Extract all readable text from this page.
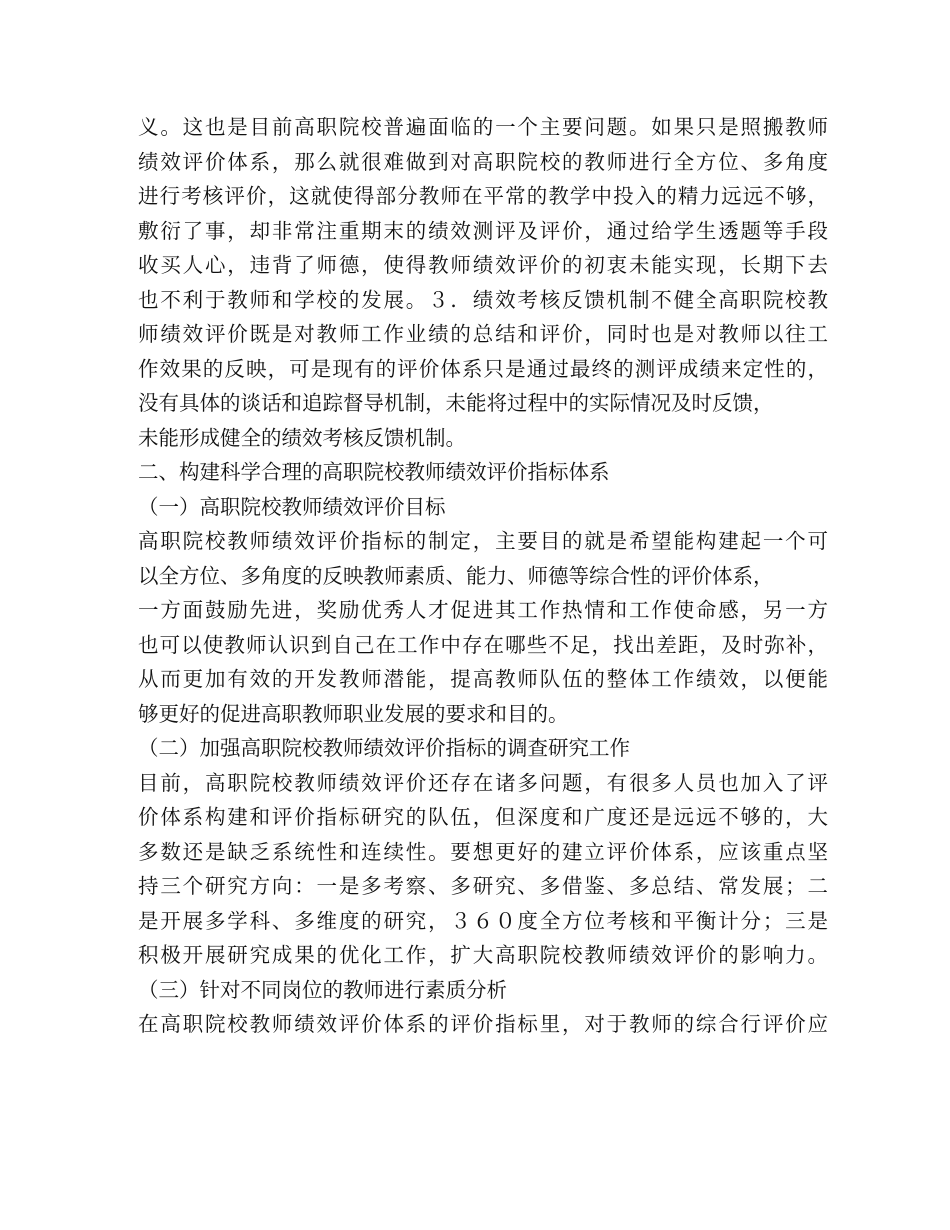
义。这也是目前高职院校普遍面临的一个主要问题。如果只是照搬教师
绩效评价体系，那么就很难做到对高职院校的教师进行全方位、多角度
进行考核评价，这就使得部分教师在平常的教学中投入的精力远远不够，
敷衍了事，却非常注重期末的绩效测评及评价，通过给学生透题等手段
收买人心，违背了师德，使得教师绩效评价的初衷未能实现，长期下去
也不利于教师和学校的发展。３．绩效考核反馈机制不健全高职院校教
师绩效评价既是对教师工作业绩的总结和评价，同时也是对教师以往工
作效果的反映，可是现有的评价体系只是通过最终的测评成绩来定性的，
没有具体的谈话和追踪督导机制，未能将过程中的实际情况及时反馈，
未能形成健全的绩效考核反馈机制。
二、构建科学合理的高职院校教师绩效评价指标体系
（一）高职院校教师绩效评价目标
高职院校教师绩效评价指标的制定，主要目的就是希望能构建起一个可
以全方位、多角度的反映教师素质、能力、师德等综合性的评价体系，
一方面鼓励先进，奖励优秀人才促进其工作热情和工作使命感，另一方
也可以使教师认识到自己在工作中存在哪些不足，找出差距，及时弥补，
从而更加有效的开发教师潜能，提高教师队伍的整体工作绩效，以便能
够更好的促进高职教师职业发展的要求和目的。
（二）加强高职院校教师绩效评价指标的调查研究工作
目前，高职院校教师绩效评价还存在诸多问题，有很多人员也加入了评
价体系构建和评价指标研究的队伍，但深度和广度还是远远不够的，大
多数还是缺乏系统性和连续性。要想更好的建立评价体系，应该重点坚
持三个研究方向：一是多考察、多研究、多借鉴、多总结、常发展；二
是开展多学科、多维度的研究，３６０度全方位考核和平衡计分；三是
积极开展研究成果的优化工作，扩大高职院校教师绩效评价的影响力。
（三）针对不同岗位的教师进行素质分析
在高职院校教师绩效评价体系的评价指标里，对于教师的综合行评价应
